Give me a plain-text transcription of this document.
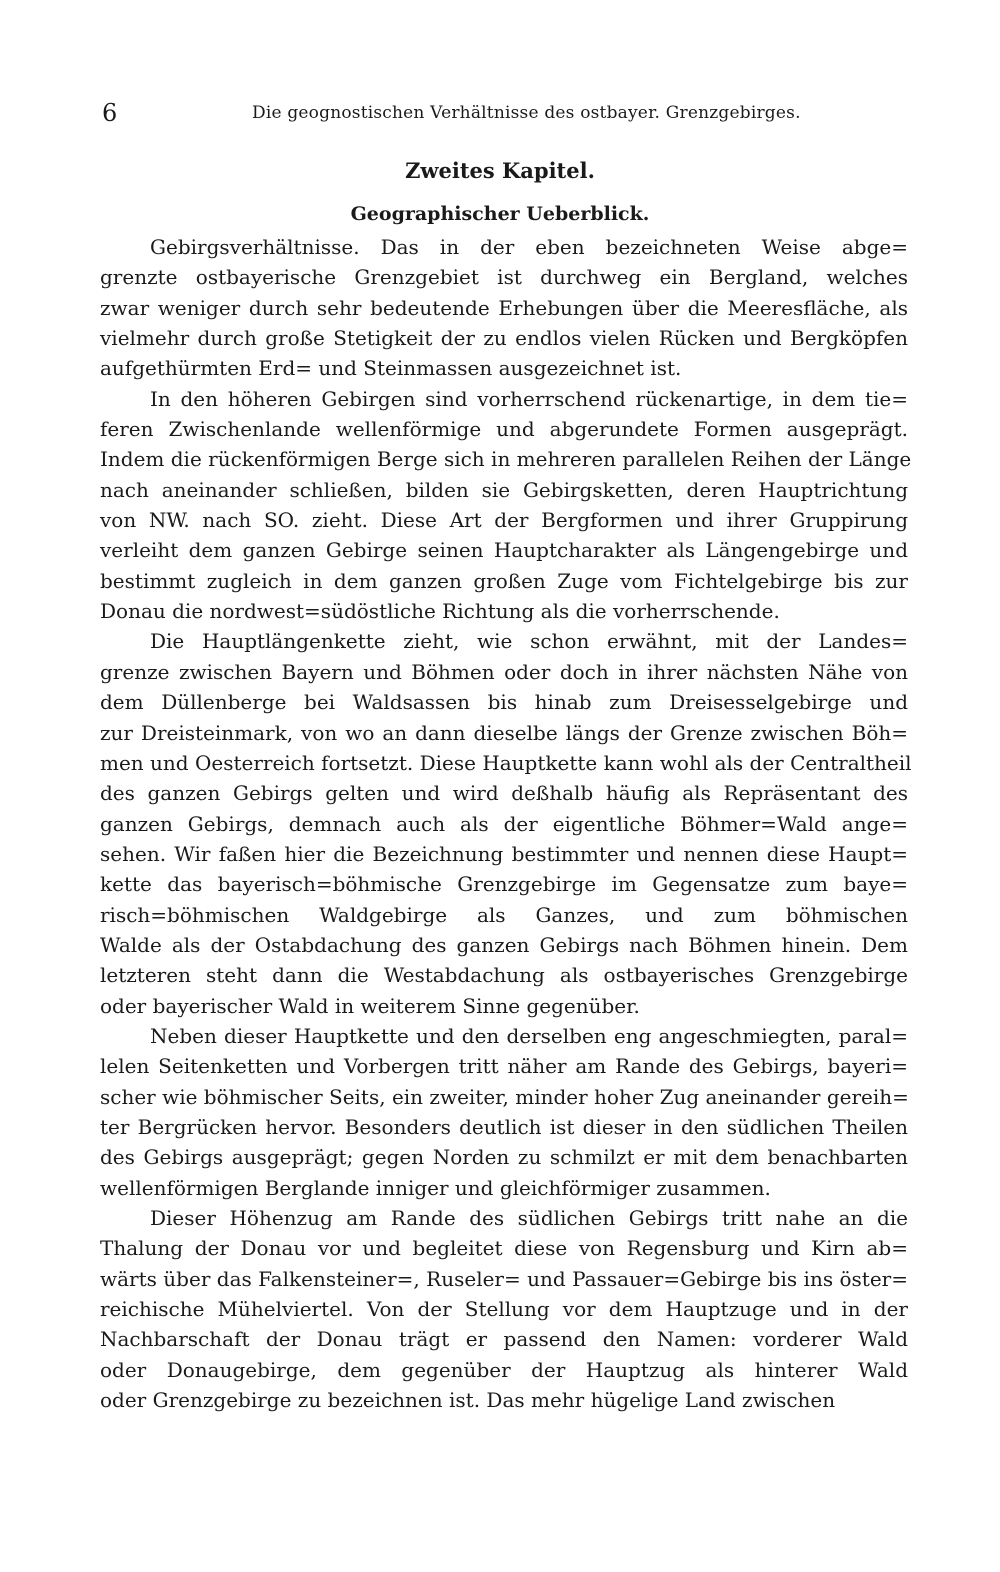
6	Die geognostischen Verhältnisse des ostbayer. Grenzgebirges.
Zweites Kapitel.
Geographischer Ueberblick.
Gebirgsverhältnisse. Das in der eben bezeichneten Weise abge=
grenzte ostbayerische Grenzgebiet ist durchweg ein Bergland, welches
zwar weniger durch sehr bedeutende Erhebungen über die Meeresfläche, als
vielmehr durch große Stetigkeit der zu endlos vielen Rücken und Bergköpfen
aufgethürmten Erd= und Steinmassen ausgezeichnet ist.
In den höheren Gebirgen sind vorherrschend rückenartige, in dem tie=
feren Zwischenlande wellenförmige und abgerundete Formen ausgeprägt.
Indem die rückenförmigen Berge sich in mehreren parallelen Reihen der Länge
nach aneinander schließen, bilden sie Gebirgsketten, deren Hauptrichtung
von NW. nach SO. zieht. Diese Art der Bergformen und ihrer Gruppirung
verleiht dem ganzen Gebirge seinen Hauptcharakter als Längengebirge und
bestimmt zugleich in dem ganzen großen Zuge vom Fichtelgebirge bis zur
Donau die nordwest=südöstliche Richtung als die vorherrschende.
Die Hauptlängenkette zieht, wie schon erwähnt, mit der Landes=
grenze zwischen Bayern und Böhmen oder doch in ihrer nächsten Nähe von
dem Düllenberge bei Waldsassen bis hinab zum Dreisesselgebirge und
zur Dreisteinmark, von wo an dann dieselbe längs der Grenze zwischen Böh=
men und Oesterreich fortsetzt. Diese Hauptkette kann wohl als der Centraltheil
des ganzen Gebirgs gelten und wird deßhalb häufig als Repräsentant des
ganzen Gebirgs, demnach auch als der eigentliche Böhmer=Wald ange=
sehen. Wir faßen hier die Bezeichnung bestimmter und nennen diese Haupt=
kette das bayerisch=böhmische Grenzgebirge im Gegensatze zum baye=
risch=böhmischen Waldgebirge als Ganzes, und zum böhmischen
Walde als der Ostabdachung des ganzen Gebirgs nach Böhmen hinein. Dem
letzteren steht dann die Westabdachung als ostbayerisches Grenzgebirge
oder bayerischer Wald in weiterem Sinne gegenüber.
Neben dieser Hauptkette und den derselben eng angeschmiegten, paral=
lelen Seitenketten und Vorbergen tritt näher am Rande des Gebirgs, bayeri=
scher wie böhmischer Seits, ein zweiter, minder hoher Zug aneinander gereih=
ter Bergrücken hervor. Besonders deutlich ist dieser in den südlichen Theilen
des Gebirgs ausgeprägt; gegen Norden zu schmilzt er mit dem benachbarten
wellenförmigen Berglande inniger und gleichförmiger zusammen.
Dieser Höhenzug am Rande des südlichen Gebirgs tritt nahe an die
Thalung der Donau vor und begleitet diese von Regensburg und Kirn ab=
wärts über das Falkensteiner=, Ruseler= und Passauer=Gebirge bis ins öster=
reichische Mühelviertel. Von der Stellung vor dem Hauptzuge und in der
Nachbarschaft der Donau trägt er passend den Namen: vorderer Wald
oder Donaugebirge, dem gegenüber der Hauptzug als hinterer Wald
oder Grenzgebirge zu bezeichnen ist. Das mehr hügelige Land zwischen
